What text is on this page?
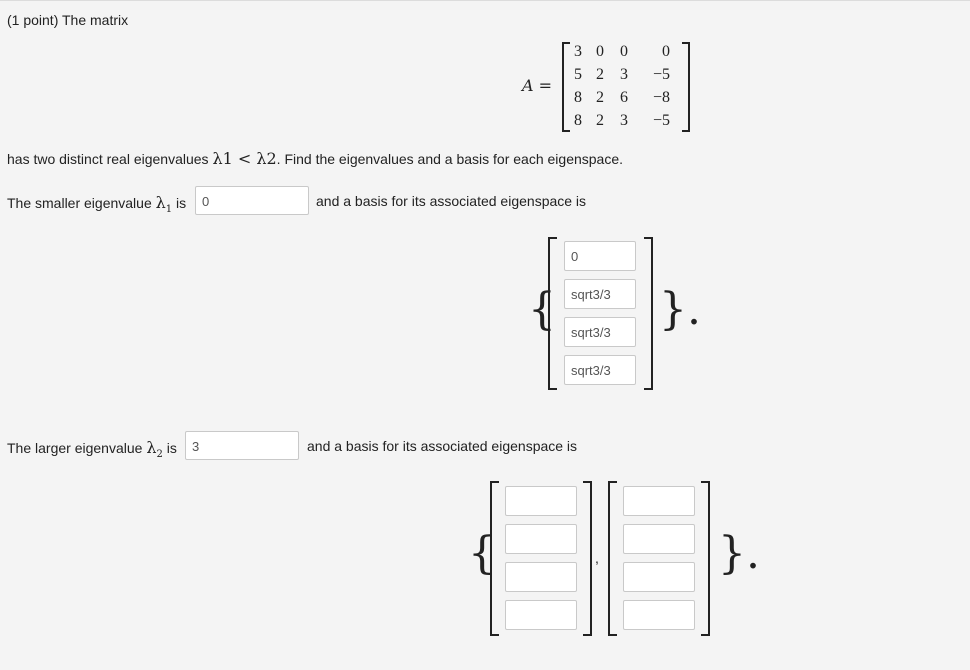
(1 point) The matrix
A =
3 0 0	0
5 2 3	−5
8 2 6	−8
8 2 3	−5
has two distinct real eigenvalues λ1 < λ2. Find the eigenvalues and a basis for each eigenspace.
The smaller eigenvalue $\lambda_1$ is	0	and a basis for its associated eigenspace is
{
0
sqrt3/3
sqrt3/3
sqrt3/3
}.
The larger eigenvalue $\lambda_2$ is	3	and a basis for its associated eigenspace is
{	,	}.
